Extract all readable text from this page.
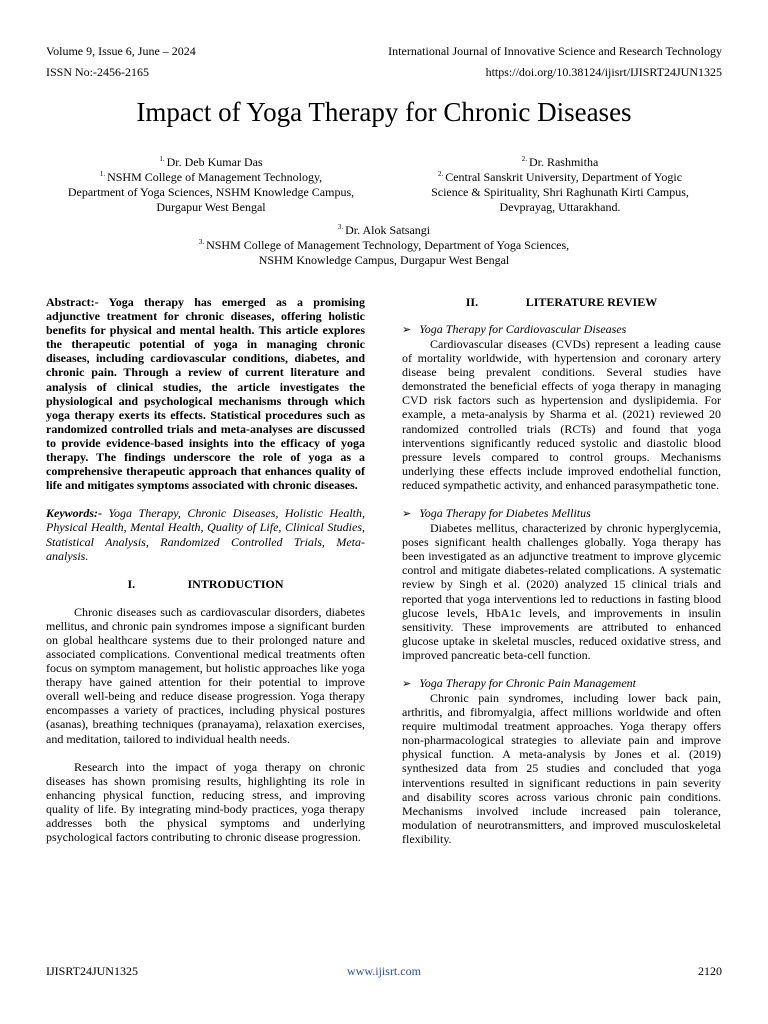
Volume 9, Issue 6, June – 2024	International Journal of Innovative Science and Research Technology
ISSN No:-2456-2165	https://doi.org/10.38124/ijisrt/IJISRT24JUN1325
Impact of Yoga Therapy for Chronic Diseases
$^{1.}$ Dr. Deb Kumar Das
$^{1.}$ NSHM College of Management Technology,
Department of Yoga Sciences, NSHM Knowledge Campus,
Durgapur West Bengal
$^{2.}$ Dr. Rashmitha
$^{2.}$ Central Sanskrit University, Department of Yogic
Science & Spirituality, Shri Raghunath Kirti Campus,
Devprayag, Uttarakhand.
$^{3.}$ Dr. Alok Satsangi
$^{3.}$ NSHM College of Management Technology, Department of Yoga Sciences,
NSHM Knowledge Campus, Durgapur West Bengal

Abstract:- Yoga therapy has emerged as a promising adjunctive treatment for chronic diseases, offering holistic benefits for physical and mental health. This article explores the therapeutic potential of yoga in managing chronic diseases, including cardiovascular conditions, diabetes, and chronic pain. Through a review of current literature and analysis of clinical studies, the article investigates the physiological and psychological mechanisms through which yoga therapy exerts its effects. Statistical procedures such as randomized controlled trials and meta-analyses are discussed to provide evidence-based insights into the efficacy of yoga therapy. The findings underscore the role of yoga as a comprehensive therapeutic approach that enhances quality of life and mitigates symptoms associated with chronic diseases.

Keywords:- Yoga Therapy, Chronic Diseases, Holistic Health, Physical Health, Mental Health, Quality of Life, Clinical Studies, Statistical Analysis, Randomized Controlled Trials, Meta-analysis.

I.	INTRODUCTION

Chronic diseases such as cardiovascular disorders, diabetes mellitus, and chronic pain syndromes impose a significant burden on global healthcare systems due to their prolonged nature and associated complications. Conventional medical treatments often focus on symptom management, but holistic approaches like yoga therapy have gained attention for their potential to improve overall well-being and reduce disease progression. Yoga therapy encompasses a variety of practices, including physical postures (asanas), breathing techniques (pranayama), relaxation exercises, and meditation, tailored to individual health needs.

Research into the impact of yoga therapy on chronic diseases has shown promising results, highlighting its role in enhancing physical function, reducing stress, and improving quality of life. By integrating mind-body practices, yoga therapy addresses both the physical symptoms and underlying psychological factors contributing to chronic disease progression.

II.	LITERATURE REVIEW
➢ Yoga Therapy for Cardiovascular Diseases

Cardiovascular diseases (CVDs) represent a leading cause of mortality worldwide, with hypertension and coronary artery disease being prevalent conditions. Several studies have demonstrated the beneficial effects of yoga therapy in managing CVD risk factors such as hypertension and dyslipidemia. For example, a meta-analysis by Sharma et al. (2021) reviewed 20 randomized controlled trials (RCTs) and found that yoga interventions significantly reduced systolic and diastolic blood pressure levels compared to control groups. Mechanisms underlying these effects include improved endothelial function, reduced sympathetic activity, and enhanced parasympathetic tone.

➢ Yoga Therapy for Diabetes Mellitus

Diabetes mellitus, characterized by chronic hyperglycemia, poses significant health challenges globally. Yoga therapy has been investigated as an adjunctive treatment to improve glycemic control and mitigate diabetes-related complications. A systematic review by Singh et al. (2020) analyzed 15 clinical trials and reported that yoga interventions led to reductions in fasting blood glucose levels, HbA1c levels, and improvements in insulin sensitivity. These improvements are attributed to enhanced glucose uptake in skeletal muscles, reduced oxidative stress, and improved pancreatic beta-cell function.

➢ Yoga Therapy for Chronic Pain Management

Chronic pain syndromes, including lower back pain, arthritis, and fibromyalgia, affect millions worldwide and often require multimodal treatment approaches. Yoga therapy offers non-pharmacological strategies to alleviate pain and improve physical function. A meta-analysis by Jones et al. (2019) synthesized data from 25 studies and concluded that yoga interventions resulted in significant reductions in pain severity and disability scores across various chronic pain conditions. Mechanisms involved include increased pain tolerance, modulation of neurotransmitters, and improved musculoskeletal flexibility.

IJISRT24JUN1325	www.ijisrt.com	2120
